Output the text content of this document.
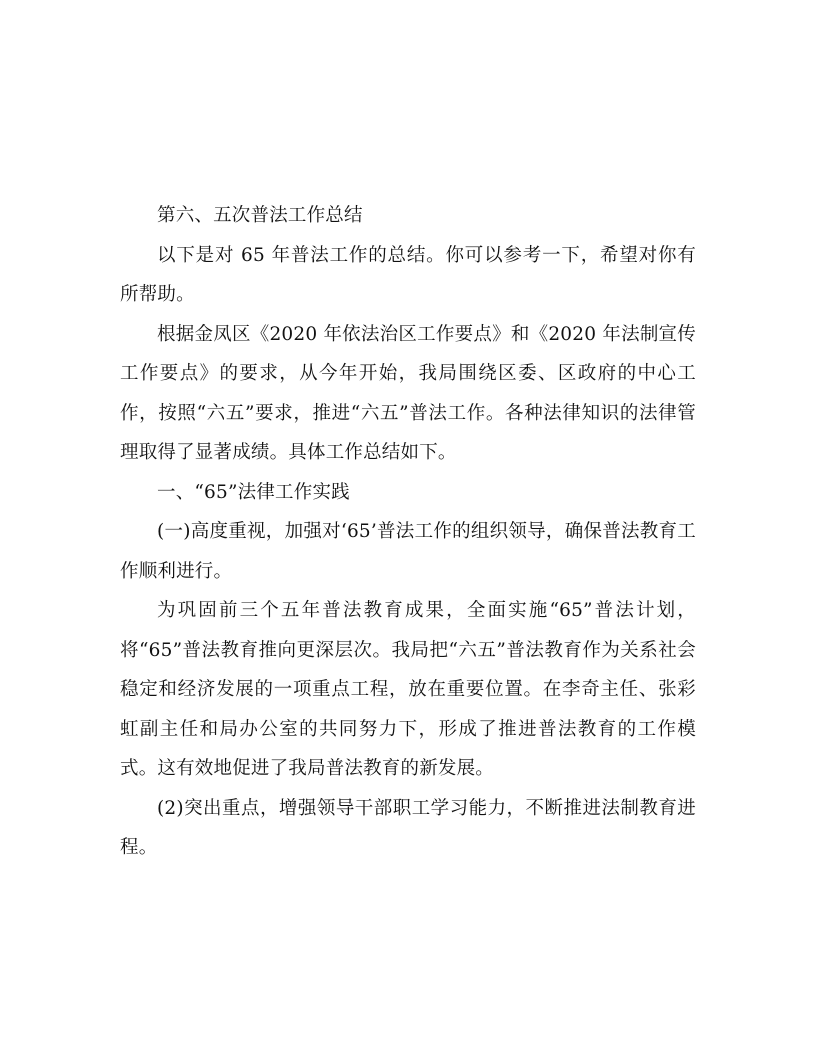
第六、五次普法工作总结

以下是对 65 年普法工作的总结。你可以参考一下，希望对你有所帮助。

根据金凤区《2020 年依法治区工作要点》和《2020 年法制宣传工作要点》的要求，从今年开始，我局围绕区委、区政府的中心工作，按照“六五”要求，推进“六五”普法工作。各种法律知识的法律管理取得了显著成绩。具体工作总结如下。

一、“65”法律工作实践

(一)高度重视，加强对‘65’普法工作的组织领导，确保普法教育工作顺利进行。

为巩固前三个五年普法教育成果，全面实施“65”普法计划，将“65”普法教育推向更深层次。我局把“六五”普法教育作为关系社会稳定和经济发展的一项重点工程，放在重要位置。在李奇主任、张彩虹副主任和局办公室的共同努力下，形成了推进普法教育的工作模式。这有效地促进了我局普法教育的新发展。

(2)突出重点，增强领导干部职工学习能力，不断推进法制教育进程。
